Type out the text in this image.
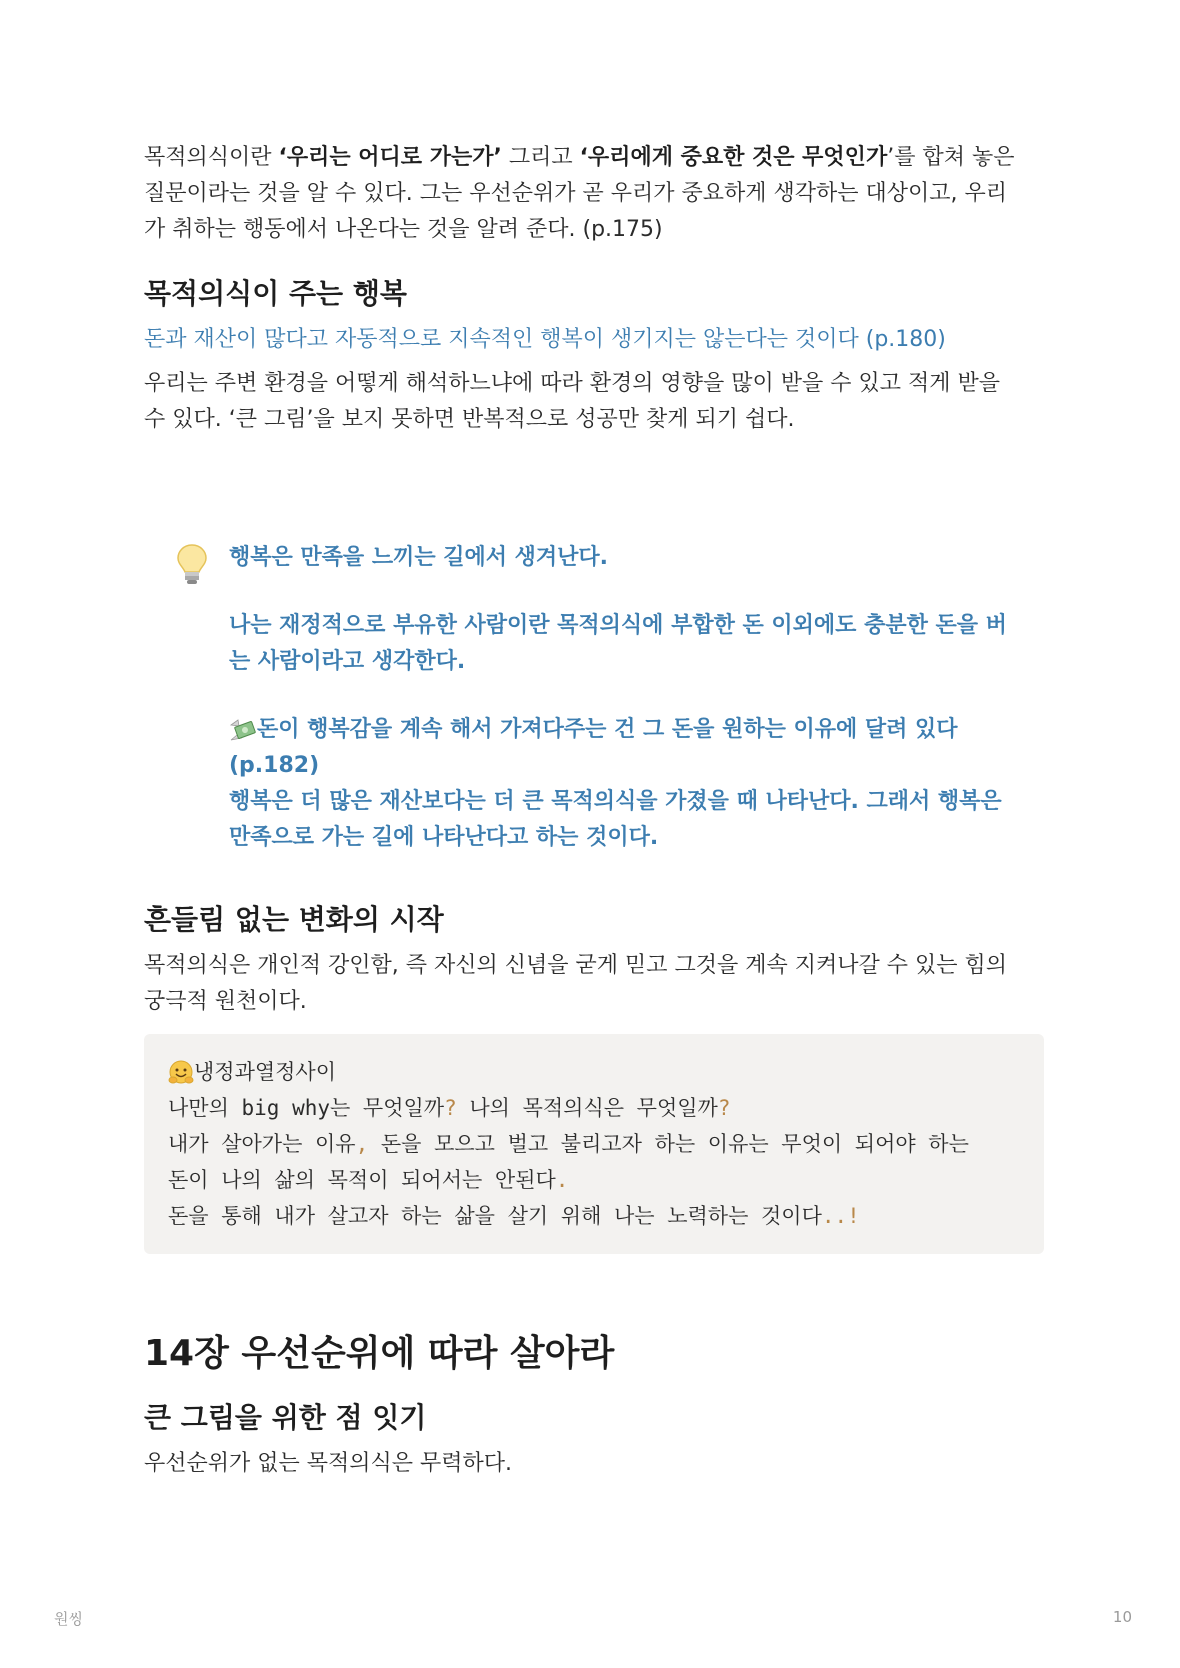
목적의식이란 ‘우리는 어디로 가는가’ 그리고 ‘우리에게 중요한 것은 무엇인가’를 합쳐 놓은 질문이라는 것을 알 수 있다. 그는 우선순위가 곧 우리가 중요하게 생각하는 대상이고, 우리가 취하는 행동에서 나온다는 것을 알려 준다. (p.175)

목적의식이 주는 행복

돈과 재산이 많다고 자동적으로 지속적인 행복이 생기지는 않는다는 것이다 (p.180)

우리는 주변 환경을 어떻게 해석하느냐에 따라 환경의 영향을 많이 받을 수 있고 적게 받을 수 있다. ‘큰 그림’을 보지 못하면 반복적으로 성공만 찾게 되기 쉽다.

행복은 만족을 느끼는 길에서 생겨난다.

나는 재정적으로 부유한 사람이란 목적의식에 부합한 돈 이외에도 충분한 돈을 버는 사람이라고 생각한다.

돈이 행복감을 계속 해서 가져다주는 건 그 돈을 원하는 이유에 달려 있다 (p.182)

행복은 더 많은 재산보다는 더 큰 목적의식을 가졌을 때 나타난다. 그래서 행복은 만족으로 가는 길에 나타난다고 하는 것이다.

흔들림 없는 변화의 시작

목적의식은 개인적 강인함, 즉 자신의 신념을 굳게 믿고 그것을 계속 지켜나갈 수 있는 힘의 궁극적 원천이다.

냉정과열정사이
나만의 big why는 무엇일까? 나의 목적의식은 무엇일까?
내가 살아가는 이유, 돈을 모으고 벌고 불리고자 하는 이유는 무엇이 되어야 하는
돈이 나의 삶의 목적이 되어서는 안된다.
돈을 통해 내가 살고자 하는 삶을 살기 위해 나는 노력하는 것이다..!
14장 우선순위에 따라 살아라
큰 그림을 위한 점 잇기

우선순위가 없는 목적의식은 무력하다.

원씽	10
